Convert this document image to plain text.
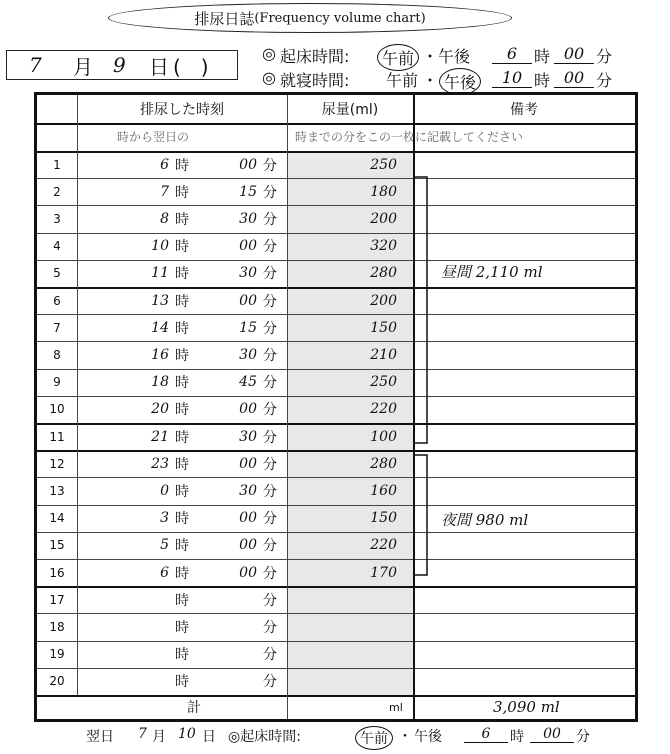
排尿日誌 (Frequency volume chart)
7 月 9 日 (　)
◎ 起床時間:	午前 ・ 午後	6	時 00 分
◎ 就寝時間: 午前 ・ 午後	10 時 00 分
排尿した時刻	尿量(ml)	備考
時から翌日の	時までの分をこの一枚に記載してください
1	6 時	00 分	250
2	7 時	15 分	180
3	8 時	30 分	200
4	10 時	00 分	320
5	11 時	30 分	280
6	13 時	00 分	200
7	14 時	15 分	150
8	16 時	30 分	210
9	18 時	45 分	250
10	20 時	00 分	220
11	21 時	30 分	100
12	23 時	00 分	280
13	0 時	30 分	160
14	3 時	00 分	150
15	5 時	00 分	220
16	6 時	00 分	170
17	時	分
18	時	分
19	時	分
20	時	分
計	ml	3,090 ml
昼間 2,110 ml
夜間 980 ml
翌日 7 月 10 日 ◎起床時間:	午前 ・ 午後	6	時	00	分
